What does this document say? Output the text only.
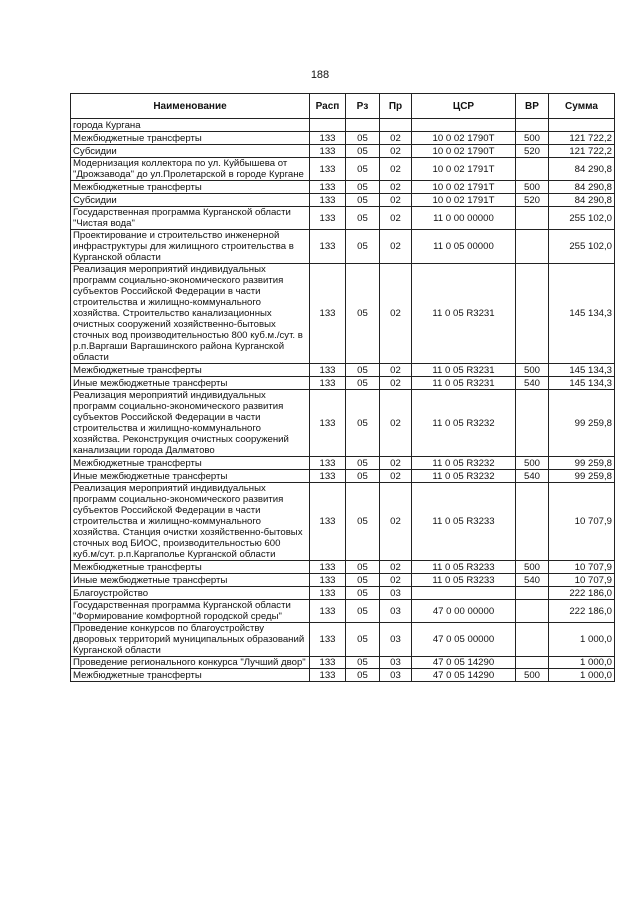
188
Наименование	Расп	Рз	Пр	ЦСР	ВР	Сумма
города Кургана						
Межбюджетные трансферты	133	05	02	10 0 02 1790Т	500	121 722,2
Субсидии	133	05	02	10 0 02 1790Т	520	121 722,2
Модернизация коллектора по ул. Куйбышева от "Дрожзавода" до ул.Пролетарской в городе Кургане	133	05	02	10 0 02 1791Т		84 290,8
Межбюджетные трансферты	133	05	02	10 0 02 1791Т	500	84 290,8
Субсидии	133	05	02	10 0 02 1791Т	520	84 290,8
Государственная программа Курганской области "Чистая вода"	133	05	02	11 0 00 00000		255 102,0
Проектирование и строительство инженерной инфраструктуры для жилищного строительства в Курганской области	133	05	02	11 0 05 00000		255 102,0
Реализация мероприятий индивидуальных программ социально-экономического развития субъектов Российской Федерации в части строительства и жилищно-коммунального хозяйства. Строительство канализационных очистных сооружений хозяйственно-бытовых сточных вод производительностью 800 куб.м./сут. в р.п.Варгаши Варгашинского района Курганской области	133	05	02	11 0 05 R3231		145 134,3
Межбюджетные трансферты	133	05	02	11 0 05 R3231	500	145 134,3
Иные межбюджетные трансферты	133	05	02	11 0 05 R3231	540	145 134,3
Реализация мероприятий индивидуальных программ социально-экономического развития субъектов Российской Федерации в части строительства и жилищно-коммунального хозяйства. Реконструкция очистных сооружений канализации города Далматово	133	05	02	11 0 05 R3232		99 259,8
Межбюджетные трансферты	133	05	02	11 0 05 R3232	500	99 259,8
Иные межбюджетные трансферты	133	05	02	11 0 05 R3232	540	99 259,8
Реализация мероприятий индивидуальных программ социально-экономического развития субъектов Российской Федерации в части строительства и жилищно-коммунального хозяйства. Станция очистки хозяйственно-бытовых сточных вод БИОС, производительностью 600 куб.м/сут. р.п.Каргаполье Курганской области	133	05	02	11 0 05 R3233		10 707,9
Межбюджетные трансферты	133	05	02	11 0 05 R3233	500	10 707,9
Иные межбюджетные трансферты	133	05	02	11 0 05 R3233	540	10 707,9
Благоустройство	133	05	03			222 186,0
Государственная программа Курганской области "Формирование комфортной городской среды"	133	05	03	47 0 00 00000		222 186,0
Проведение конкурсов по благоустройству дворовых территорий муниципальных образований Курганской области	133	05	03	47 0 05 00000		1 000,0
Проведение регионального конкурса "Лучший двор"	133	05	03	47 0 05 14290		1 000,0
Межбюджетные трансферты	133	05	03	47 0 05 14290	500	1 000,0
